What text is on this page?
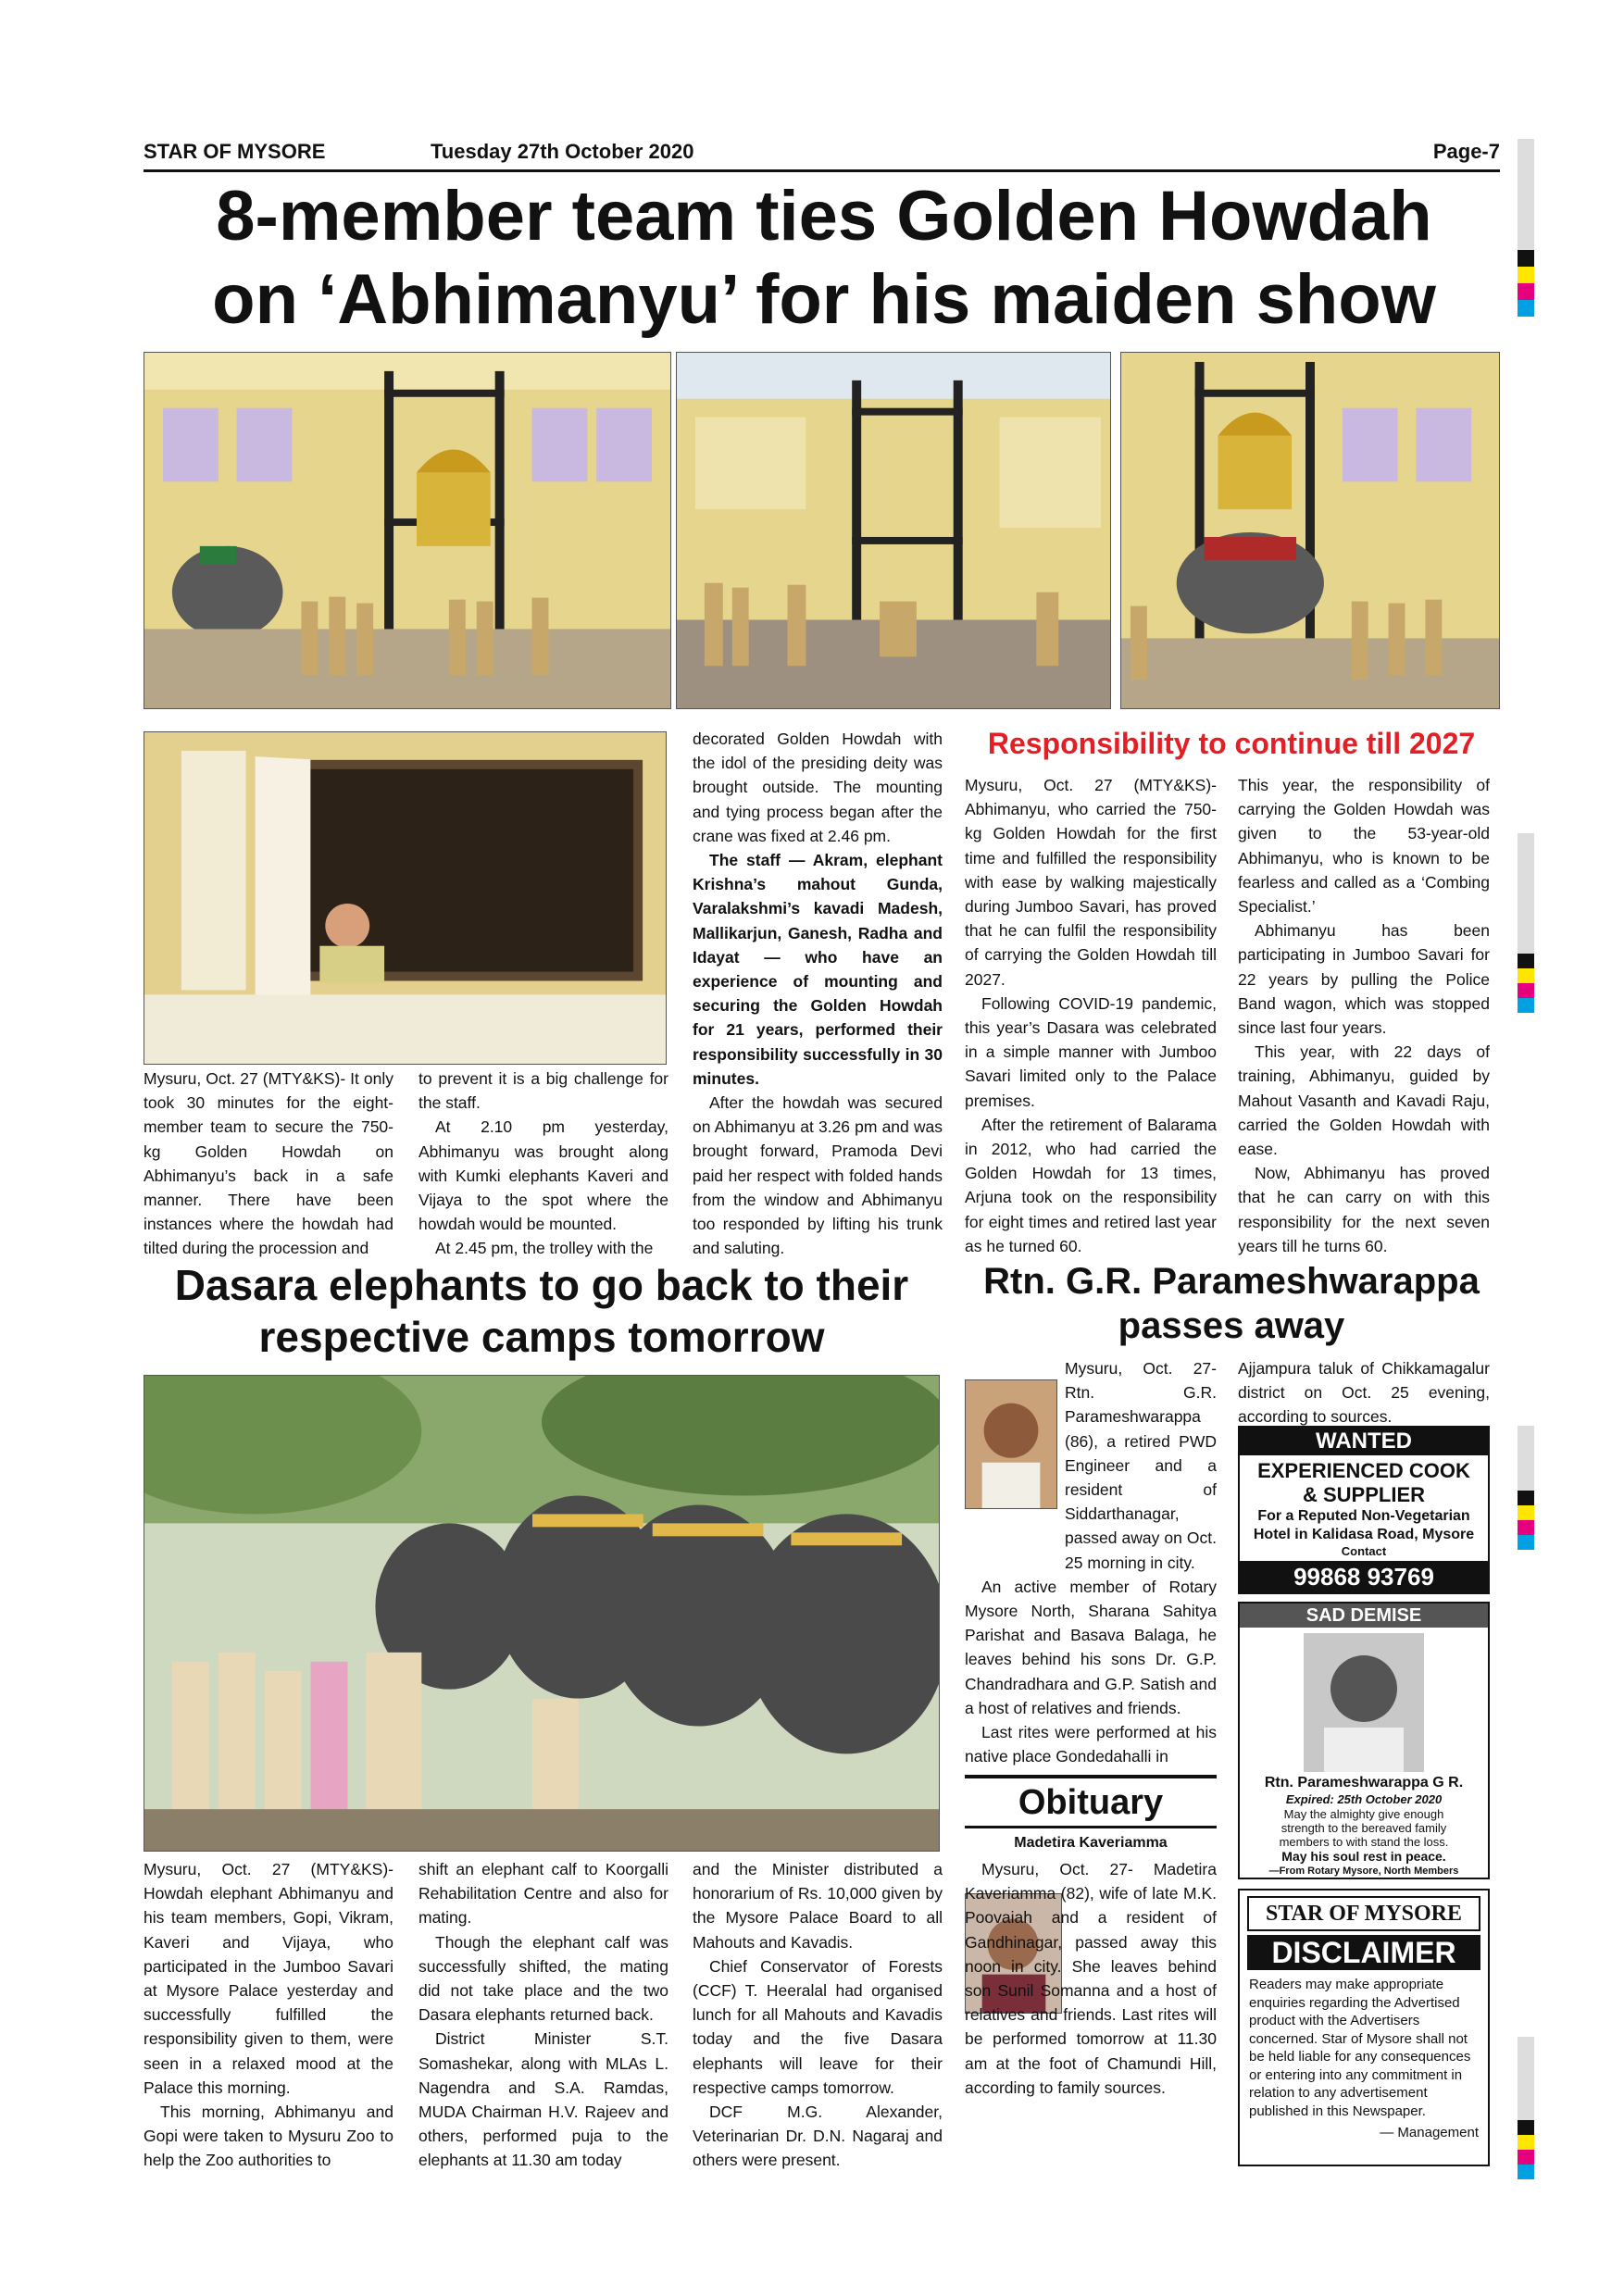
STAR OF MYSORE	Tuesday 27th October 2020	Page-7
8-member team ties Golden Howdah
on ‘Abhimanyu’ for his maiden show

Mysuru, Oct. 27 (MTY&KS)- It only took 30 minutes for the eight-member team to secure the 750-kg Golden Howdah on Abhimanyu’s back in a safe manner. There have been instances where the howdah had tilted during the procession and

to prevent it is a big challenge for the staff.

At 2.10 pm yesterday, Abhimanyu was brought along with Kumki elephants Kaveri and Vijaya to the spot where the howdah would be mounted.

At 2.45 pm, the trolley with the

decorated Golden Howdah with the idol of the presiding deity was brought outside. The mounting and tying process began after the crane was fixed at 2.46 pm.

The staff — Akram, elephant Krishna’s mahout Gunda, Varalakshmi’s kavadi Madesh, Mallikarjun, Ganesh, Radha and Idayat — who have an experience of mounting and securing the Golden Howdah for 21 years, performed their responsibility successfully in 30 minutes.

After the howdah was secured on Abhimanyu at 3.26 pm and was brought forward, Pramoda Devi paid her respect with folded hands from the window and Abhimanyu too responded by lifting his trunk and saluting.

Responsibility to continue till 2027

Mysuru, Oct. 27 (MTY&KS)- Abhimanyu, who carried the 750-kg Golden Howdah for the first time and fulfilled the responsibility with ease by walking majestically during Jumboo Savari, has proved that he can fulfil the responsibility of carrying the Golden Howdah till 2027.

Following COVID-19 pandemic, this year’s Dasara was celebrated in a simple manner with Jumboo Savari limited only to the Palace premises.

After the retirement of Balarama in 2012, who had carried the Golden Howdah for 13 times, Arjuna took on the responsibility for eight times and retired last year as he turned 60.

This year, the responsibility of carrying the Golden Howdah was given to the 53-year-old Abhimanyu, who is known to be fearless and called as a ‘Combing Specialist.’

Abhimanyu has been participating in Jumboo Savari for 22 years by pulling the Police Band wagon, which was stopped since last four years.

This year, with 22 days of training, Abhimanyu, guided by Mahout Vasanth and Kavadi Raju, carried the Golden Howdah with ease.

Now, Abhimanyu has proved that he can carry on with this responsibility for the next seven years till he turns 60.

Dasara elephants to go back to their
respective camps tomorrow

Mysuru, Oct. 27 (MTY&KS)- Howdah elephant Abhimanyu and his team members, Gopi, Vikram, Kaveri and Vijaya, who participated in the Jumboo Savari at Mysore Palace yesterday and successfully fulfilled the responsibility given to them, were seen in a relaxed mood at the Palace this morning.

This morning, Abhimanyu and Gopi were taken to Mysuru Zoo to help the Zoo authorities to

shift an elephant calf to Koorgalli Rehabilitation Centre and also for mating.

Though the elephant calf was successfully shifted, the mating did not take place and the two Dasara elephants returned back.

District Minister S.T. Somashekar, along with MLAs L. Nagendra and S.A. Ramdas, MUDA Chairman H.V. Rajeev and others, performed puja to the elephants at 11.30 am today

and the Minister distributed a honorarium of Rs. 10,000 given by the Mysore Palace Board to all Mahouts and Kavadis.

Chief Conservator of Forests (CCF) T. Heeralal had organised lunch for all Mahouts and Kavadis today and the five Dasara elephants will leave for their respective camps tomorrow.

DCF M.G. Alexander, Veterinarian Dr. D.N. Nagaraj and others were present.

Rtn. G.R. Parameshwarappa
passes away

Mysuru, Oct. 27- Rtn. G.R. Parameshwarappa (86), a retired PWD Engineer and a resident of Siddarthanagar, passed away on Oct. 25 morning in city.

An active member of Rotary Mysore North, Sharana Sahitya Parishat and Basava Balaga, he leaves behind his sons Dr. G.P. Chandradhara and G.P. Satish and a host of relatives and friends.

Last rites were performed at his native place Gondedahalli in

Ajjampura taluk of Chikkamagalur district on Oct. 25 evening, according to sources.

WANTED
EXPERIENCED COOK
& SUPPLIER
For a Reputed Non-Vegetarian
Hotel in Kalidasa Road, Mysore
Contact
99868 93769
SAD DEMISE
Rtn. Parameshwarappa G R.
Expired: 25th October 2020
May the almighty give enough
strength to the bereaved family
members to with stand the loss.
May his soul rest in peace.
—From Rotary Mysore, North Members
Obituary
Madetira Kaveriamma

Mysuru, Oct. 27- Madetira Kaveriamma (82), wife of late M.K. Poovaiah and a resident of Gandhinagar, passed away this noon in city. She leaves behind son Sunil Somanna and a host of relatives and friends. Last rites will be performed tomorrow at 11.30 am at the foot of Chamundi Hill, according to family sources.

STAR OF MYSORE
DISCLAIMER
Readers may make appropriate enquiries regarding the Advertised product with the Advertisers concerned. Star of Mysore shall not be held liable for any consequences or entering into any commitment in relation to any advertisement published in this Newspaper.
— Management
